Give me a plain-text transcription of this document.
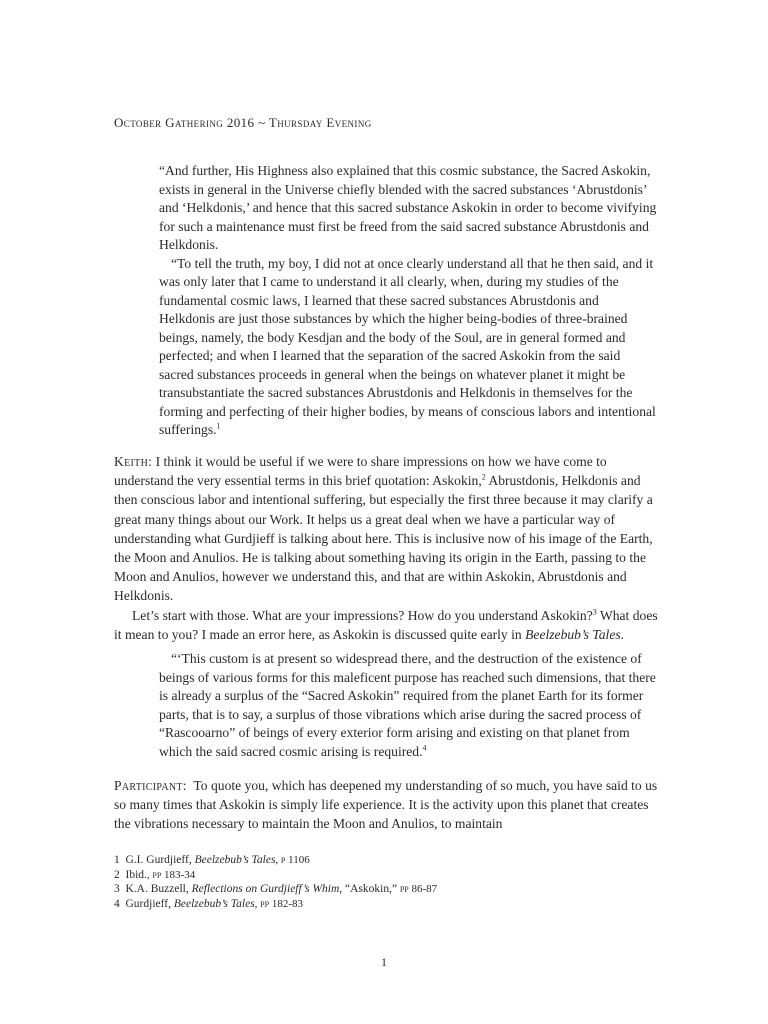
October Gathering 2016 ~ Thursday Evening

“And further, His Highness also explained that this cosmic substance, the Sacred Askokin, exists in general in the Universe chiefly blended with the sacred substances ‘Abrustdonis’ and ‘Helkdonis,’ and hence that this sacred substance Askokin in order to become vivifying for such a maintenance must first be freed from the said sacred substance Abrustdonis and Helkdonis.

“To tell the truth, my boy, I did not at once clearly understand all that he then said, and it was only later that I came to understand it all clearly, when, during my studies of the fundamental cosmic laws, I learned that these sacred substances Abrustdonis and Helkdonis are just those substances by which the higher being-bodies of three-brained beings, namely, the body Kesdjan and the body of the Soul, are in general formed and perfected; and when I learned that the separation of the sacred Askokin from the said sacred substances proceeds in general when the beings on whatever planet it might be transubstantiate the sacred substances Abrustdonis and Helkdonis in themselves for the forming and perfecting of their higher bodies, by means of conscious labors and intentional sufferings.$^1$

Keith: I think it would be useful if we were to share impressions on how we have come to understand the very essential terms in this brief quotation: Askokin,$^2$ Abrustdonis, Helkdonis and then conscious labor and intentional suffering, but especially the first three because it may clarify a great many things about our Work. It helps us a great deal when we have a particular way of understanding what Gurdjieff is talking about here. This is inclusive now of his image of the Earth, the Moon and Anulios. He is talking about something having its origin in the Earth, passing to the Moon and Anulios, however we understand this, and that are within Askokin, Abrustdonis and Helkdonis.

Let’s start with those. What are your impressions? How do you understand Askokin?$^3$ What does it mean to you? I made an error here, as Askokin is discussed quite early in Beelzebub’s Tales.

“‘This custom is at present so widespread there, and the destruction of the existence of beings of various forms for this maleficent purpose has reached such dimensions, that there is already a surplus of the “Sacred Askokin” required from the planet Earth for its former parts, that is to say, a surplus of those vibrations which arise during the sacred process of “Rascooarno” of beings of every exterior form arising and existing on that planet from which the said sacred cosmic arising is required.$^4$

Participant:  To quote you, which has deepened my understanding of so much, you have said to us so many times that Askokin is simply life experience. It is the activity upon this planet that creates the vibrations necessary to maintain the Moon and Anulios, to maintain

1 G.I. Gurdjieff, Beelzebub’s Tales, p 1106
2 Ibid., pp 183-34
3 K.A. Buzzell, Reflections on Gurdjieff’s Whim, “Askokin,” pp 86-87
4 Gurdjieff, Beelzebub’s Tales, pp 182-83
1
